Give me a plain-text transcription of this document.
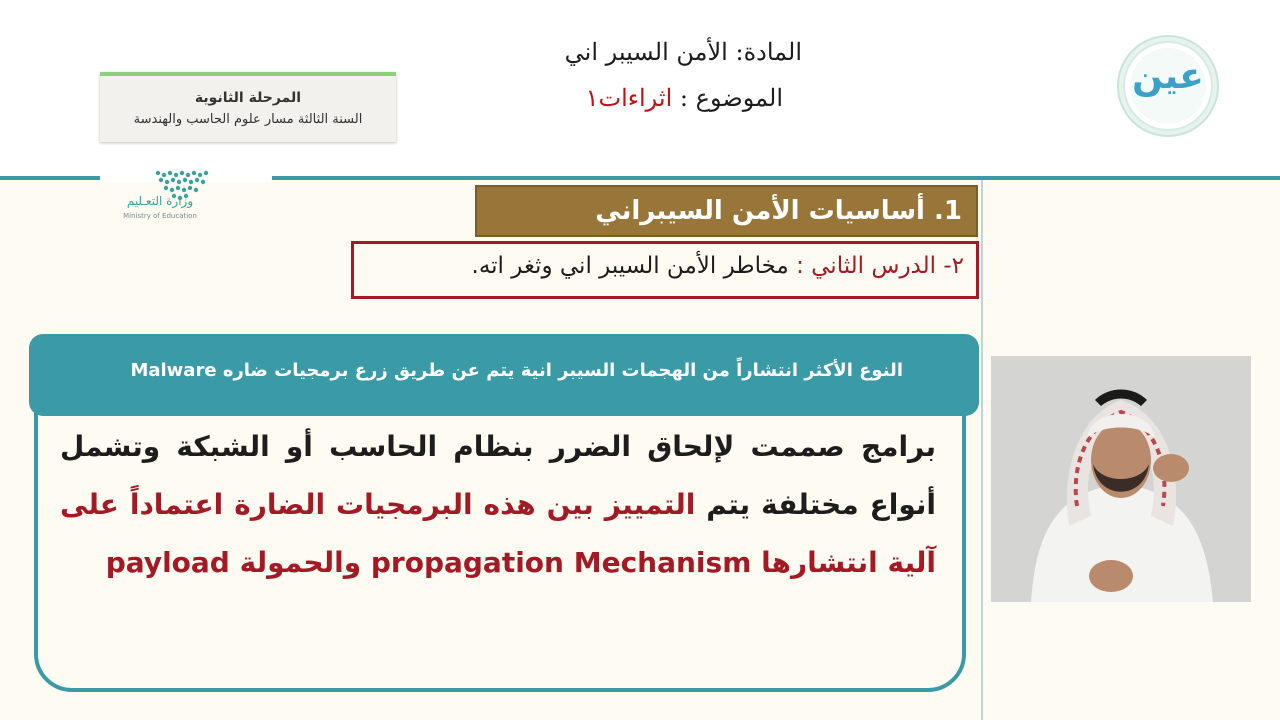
المادة: الأمن السيبر اني
الموضوع : اثراءات١
المرحلة الثانوية
السنة الثالثة مسار علوم الحاسب والهندسة
وزارة التعـليم
Ministry of Education
عين
1. أساسيات الأمن السيبراني
٢- الدرس الثاني : مخاطر الأمن السيبر اني وثغر اته.
النوع الأكثر انتشاراً من الهجمات السيبر انية يتم عن طريق زرع برمجيات ضاره Malware
برامج صممت لإلحاق الضرر بنظام الحاسب أو الشبكة وتشمل أنواع مختلفة يتم التمييز بين هذه البرمجيات الضارة اعتماداً على آلية انتشارها propagation Mechanism والحمولة payload
